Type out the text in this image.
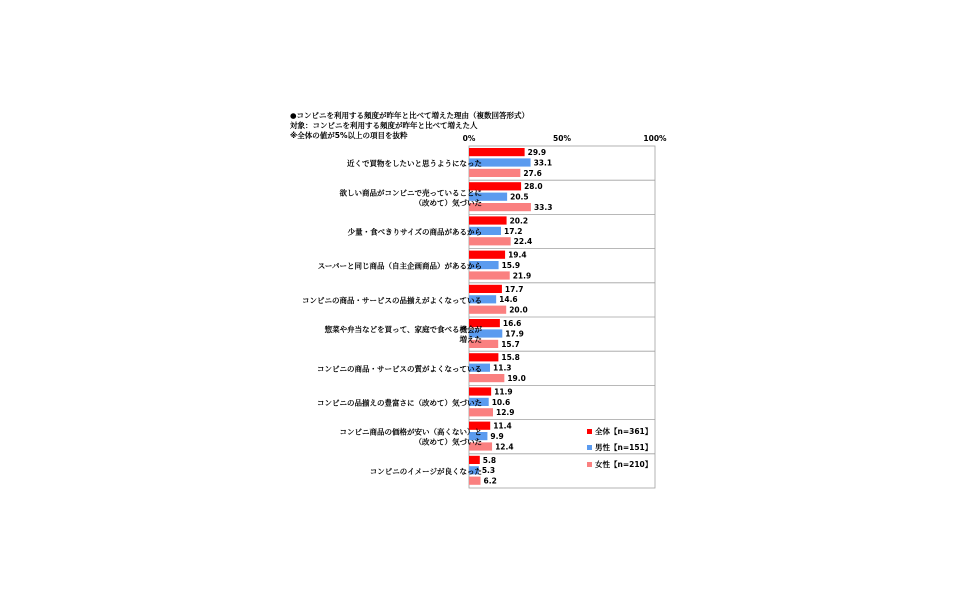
●コンビニを利用する頻度が昨年と比べて増えた理由（複数回答形式）
対象：コンビニを利用する頻度が昨年と比べて増えた人
※全体の値が5%以上の項目を抜粋	0%	50%	100%
29.9
33.1
27.6
近くで買物をしたいと思うようになった
28.0
20.5
33.3
欲しい商品がコンビニで売っていることに
（改めて）気づいた
20.2
17.2
22.4
少量・食べきりサイズの商品があるから
19.4
15.9
21.9
スーパーと同じ商品（自主企画商品）があるから
17.7
14.6
20.0
コンビニの商品・サービスの品揃えがよくなっている
16.6
17.9
15.7
惣菜や弁当などを買って、家庭で食べる機会が
増えた
15.8
11.3
19.0
コンビニの商品・サービスの質がよくなっている
11.9
10.6
12.9
コンビニの品揃えの豊富さに（改めて）気づいた
11.4
9.9
12.4
コンビニ商品の価格が安い（高くない）と
（改めて）気づいた
5.8
5.3
6.2
コンビニのイメージが良くなった
全体【n=361】
男性【n=151】
女性【n=210】
